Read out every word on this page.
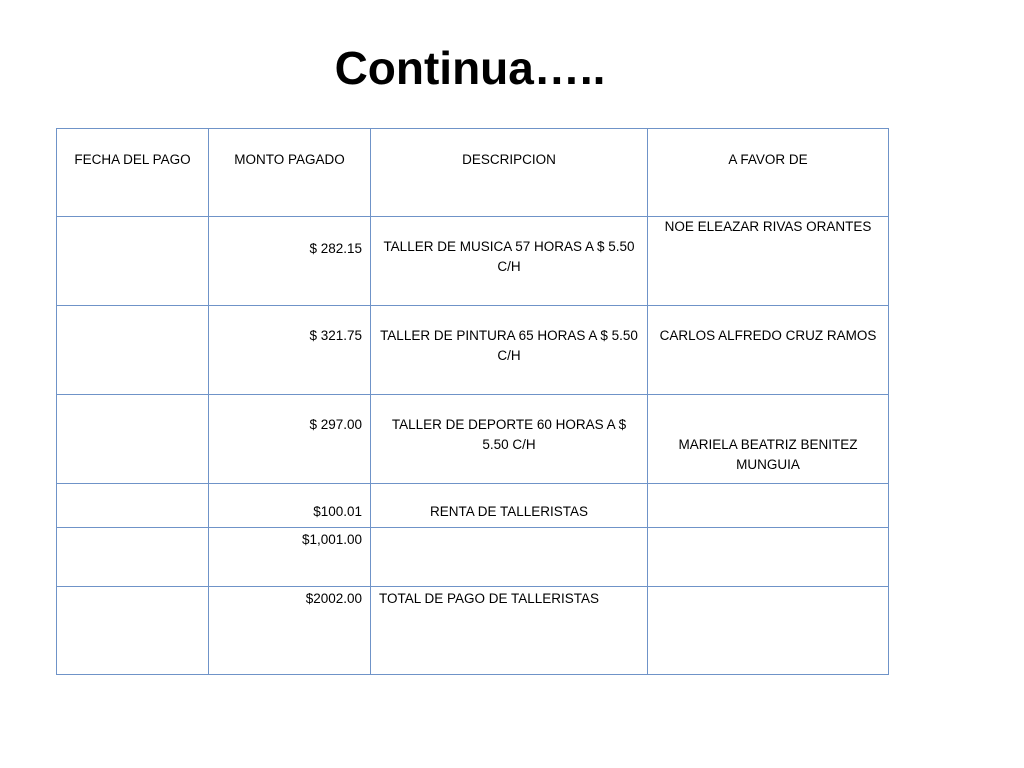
Continua…..
FECHA DEL PAGO	MONTO PAGADO	DESCRIPCION	A FAVOR DE

	$ 282.15	TALLER DE MUSICA 57 HORAS A $ 5.50 C/H	NOE ELEAZAR RIVAS ORANTES

	$ 321.75	TALLER DE PINTURA 65 HORAS A $ 5.50 C/H	CARLOS ALFREDO CRUZ RAMOS

	$ 297.00	TALLER DE DEPORTE 60 HORAS A $ 5.50 C/H	MARIELA BEATRIZ BENITEZ MUNGUIA

	$100.01	RENTA DE TALLERISTAS	

	$1,001.00		

	$2002.00	TOTAL DE PAGO DE TALLERISTAS	
